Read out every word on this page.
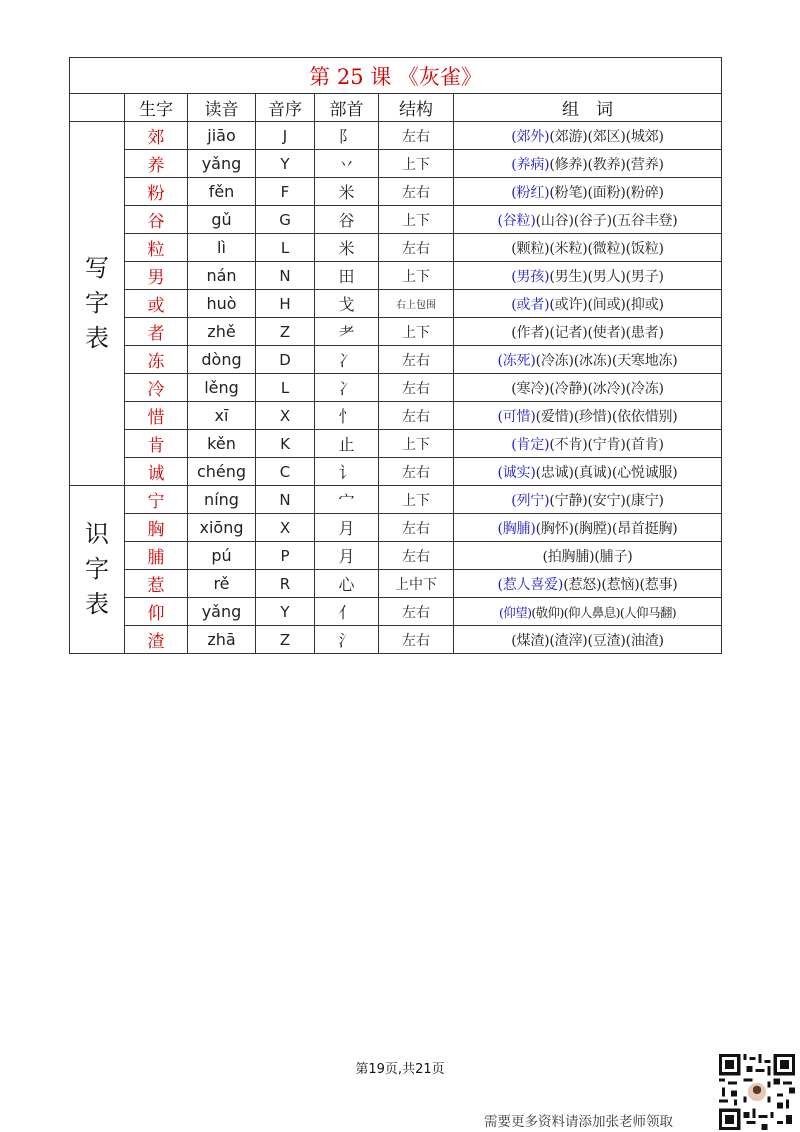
第 25 课 《灰雀》						
	生字	读音	音序	部首	结构	组　词

写
字
表	郊	jiāo	J	阝	左右	(郊外)(郊游)(郊区)(城郊)
	养	yǎng	Y	丷	上下	(养病)(修养)(教养)(营养)
	粉	fěn	F	米	左右	(粉红)(粉笔)(面粉)(粉碎)
	谷	gǔ	G	谷	上下	(谷粒)(山谷)(谷子)(五谷丰登)
	粒	lì	L	米	左右	(颗粒)(米粒)(微粒)(饭粒)
	男	nán	N	田	上下	(男孩)(男生)(男人)(男子)
	或	huò	H	戈	右上包围	(或者)(或许)(间或)(抑或)
	者	zhě	Z	耂	上下	(作者)(记者)(使者)(患者)
	冻	dòng	D	冫	左右	(冻死)(冷冻)(冰冻)(天寒地冻)
	冷	lěng	L	冫	左右	(寒冷)(冷静)(冰冷)(冷冻)
	惜	xī	X	忄	左右	(可惜)(爱惜)(珍惜)(依依惜别)
	肯	kěn	K	止	上下	(肯定)(不肯)(宁肯)(首肯)
	诚	chéng	C	讠	左右	(诚实)(忠诚)(真诚)(心悦诚服)

识
字
表	宁	níng	N	宀	上下	(列宁)(宁静)(安宁)(康宁)
	胸	xiōng	X	月	左右	(胸脯)(胸怀)(胸膛)(昂首挺胸)
	脯	pú	P	月	左右	(拍胸脯)(脯子)
	惹	rě	R	心	上中下	(惹人喜爱)(惹怒)(惹恼)(惹事)
	仰	yǎng	Y	亻	左右	(仰望)(敬仰)(仰人鼻息)(人仰马翻)
	渣	zhā	Z	氵	左右	(煤渣)(渣滓)(豆渣)(油渣)
第19页,共21页
需要更多资料请添加张老师领取
